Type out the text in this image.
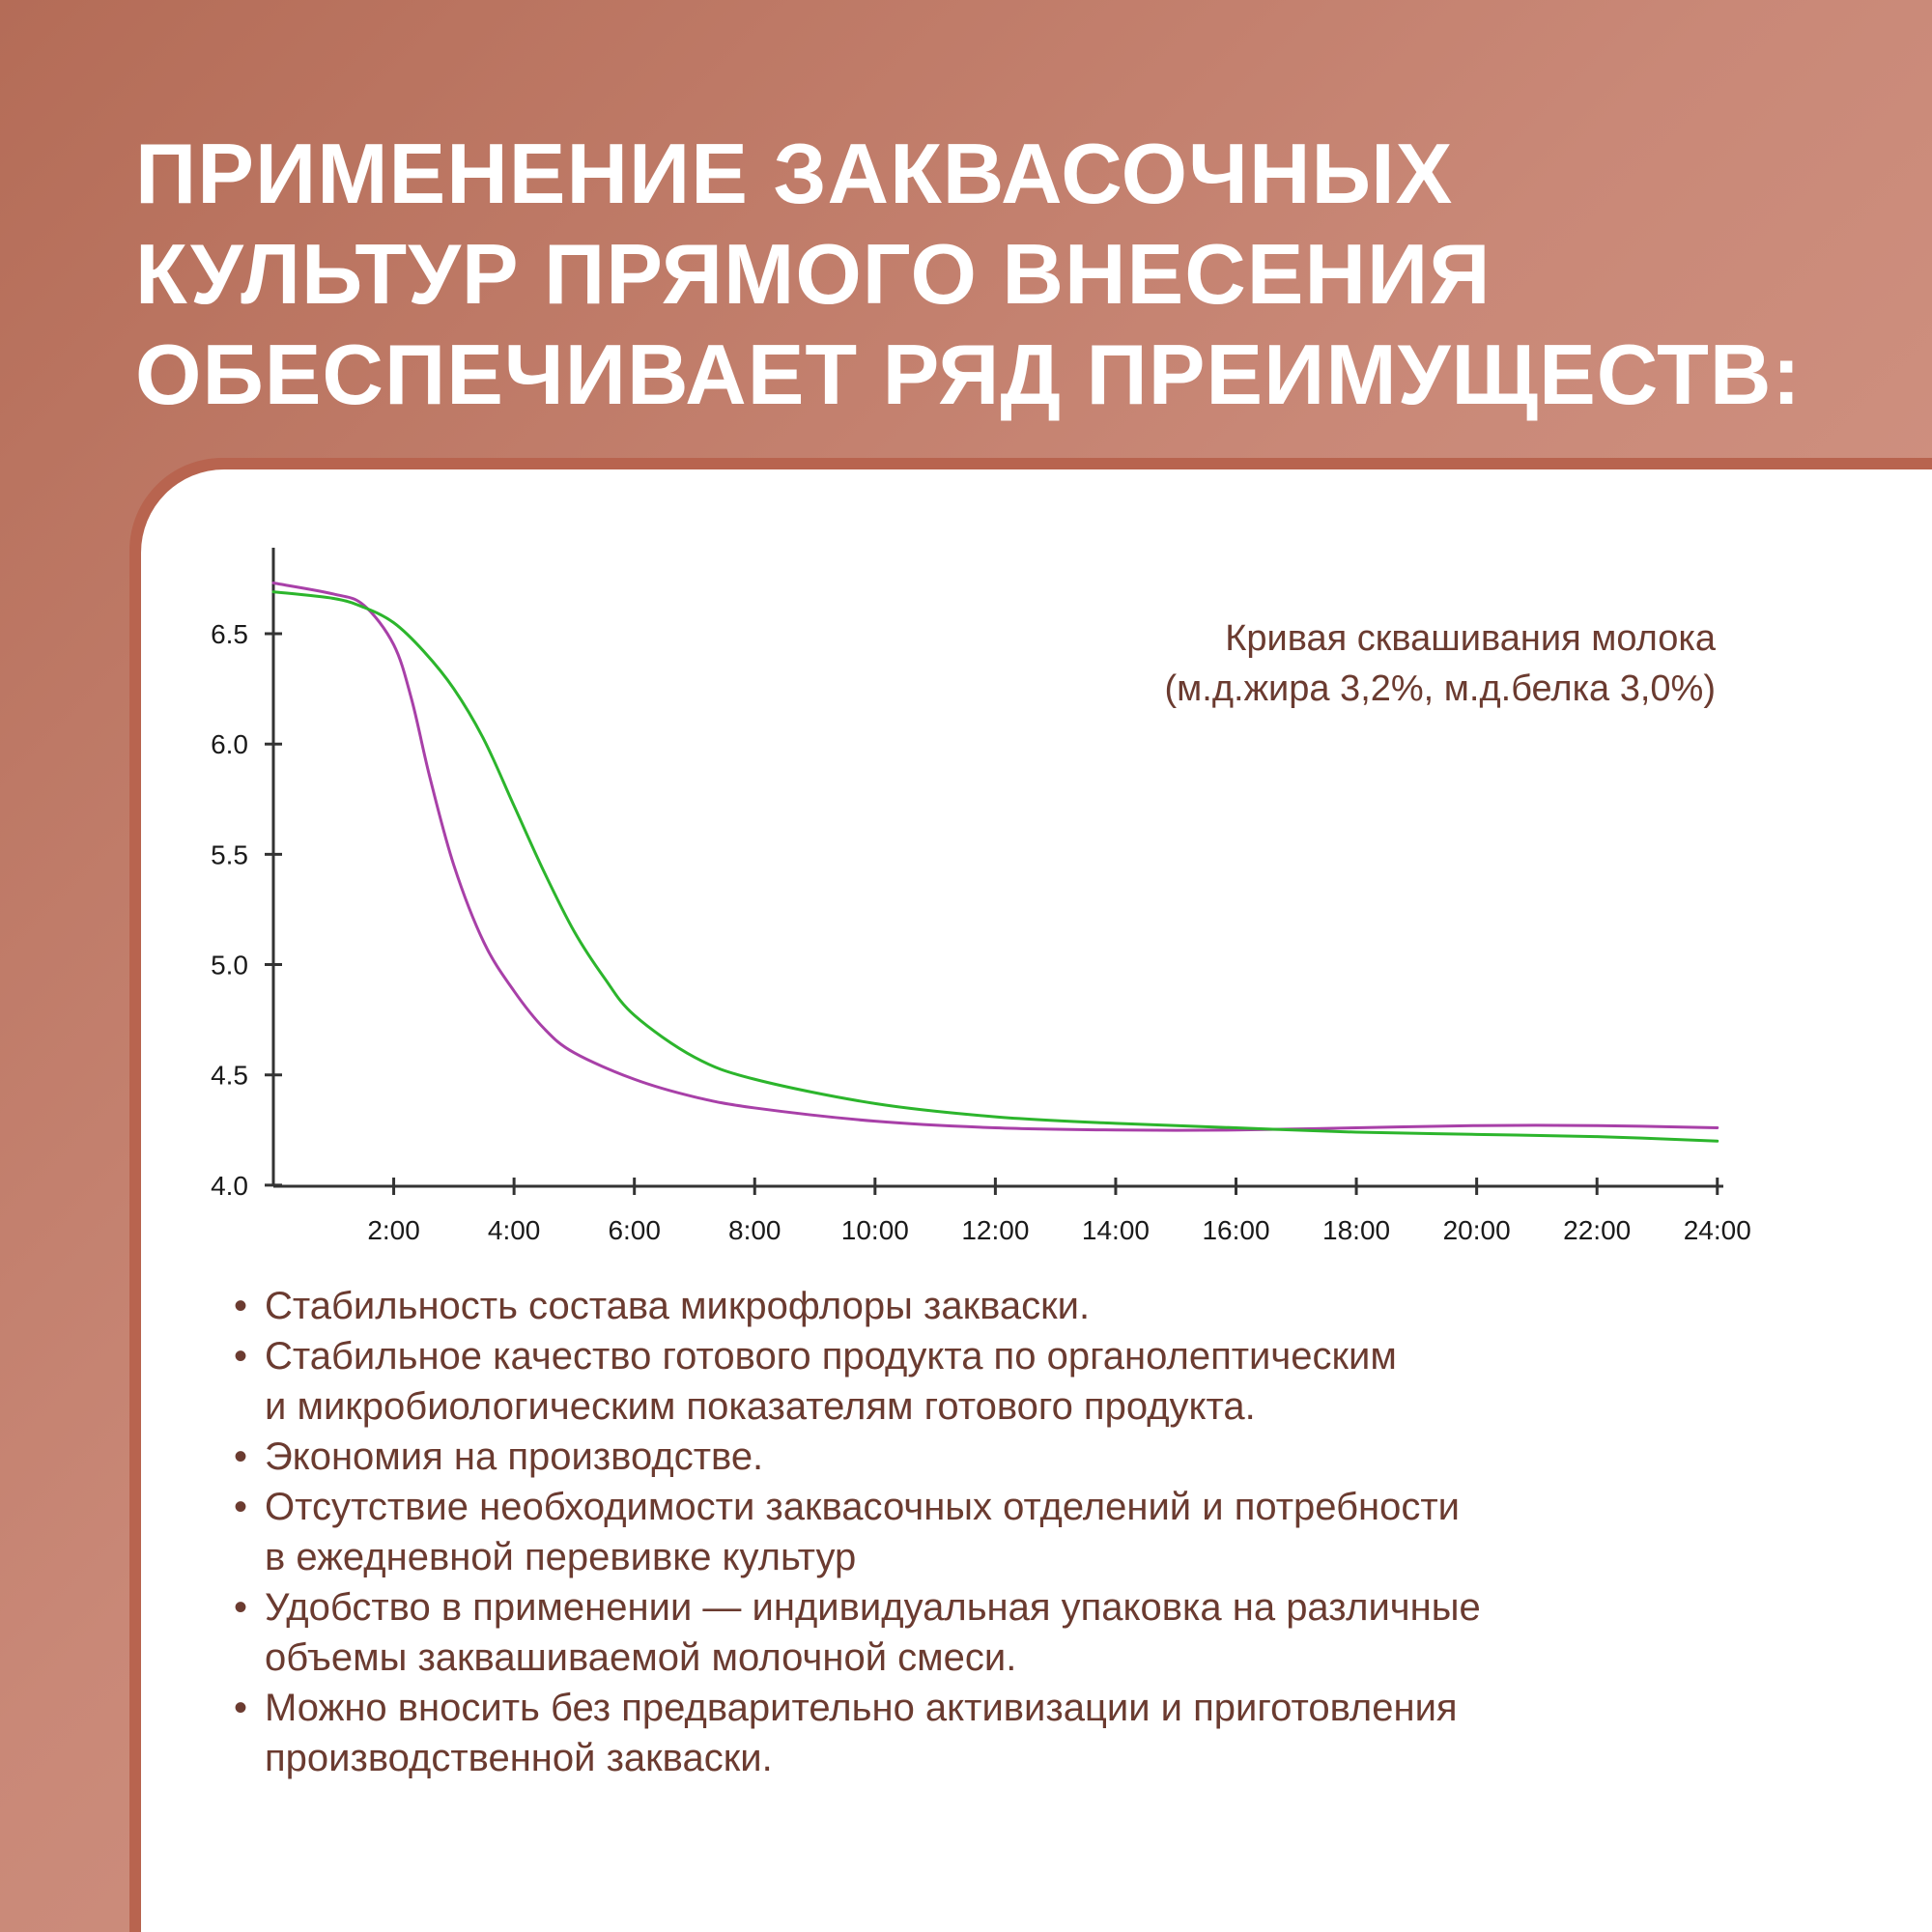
ПРИМЕНЕНИЕ ЗАКВАСОЧНЫХ
КУЛЬТУР ПРЯМОГО ВНЕСЕНИЯ
ОБЕСПЕЧИВАЕТ РЯД ПРЕИМУЩЕСТВ:
4.0
4.5
5.0
5.5
6.0
6.5
2:00	4:00	6:00	8:00 10:00 12:00 14:00 16:00 18:00 20:00 22:00 24:00
Кривая сквашивания молока
(м.д.жира 3,2%, м.д.белка 3,0%)
• Стабильность состава микрофлоры закваски.
• Стабильное качество готового продукта по органолептическим
и микробиологическим показателям готового продукта.
• Экономия на производстве.
• Отсутствие необходимости заквасочных отделений и потребности
в ежедневной перевивке культур
• Удобство в применении — индивидуальная упаковка на различные
объемы заквашиваемой молочной смеси.
• Можно вносить без предварительно активизации и приготовления
производственной закваски.
